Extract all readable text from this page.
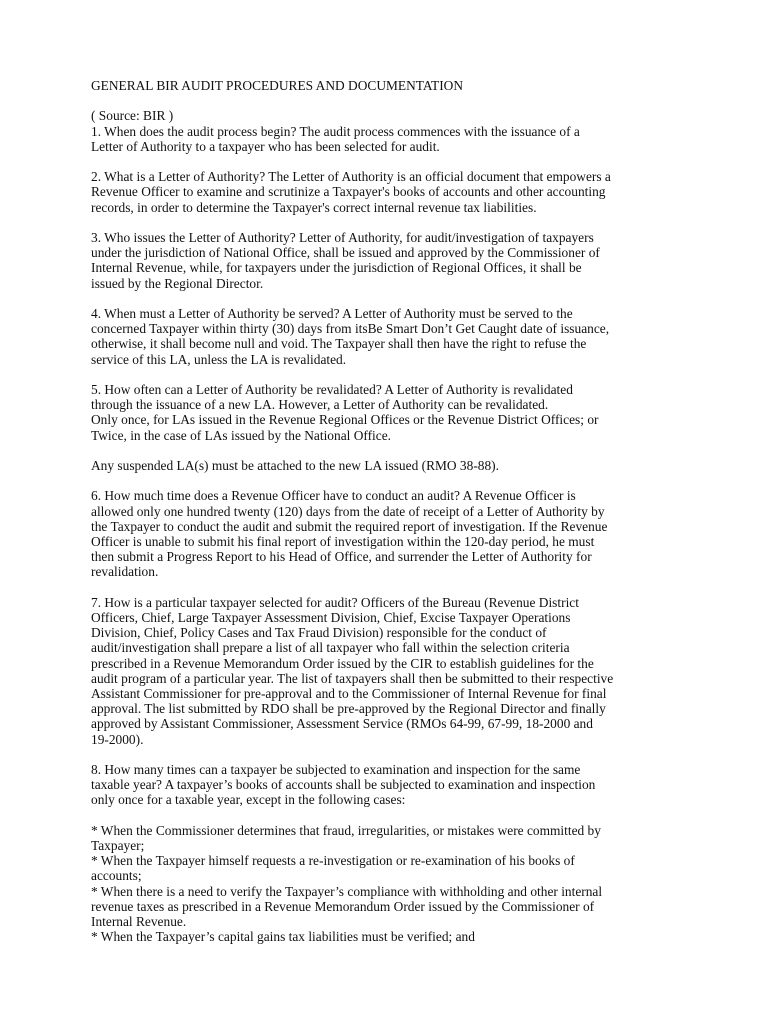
GENERAL BIR AUDIT PROCEDURES AND DOCUMENTATION
( Source: BIR )
1. When does the audit process begin? The audit process commences with the issuance of a
Letter of Authority to a taxpayer who has been selected for audit.
2. What is a Letter of Authority? The Letter of Authority is an official document that empowers a
Revenue Officer to examine and scrutinize a Taxpayer's books of accounts and other accounting
records, in order to determine the Taxpayer's correct internal revenue tax liabilities.
3. Who issues the Letter of Authority? Letter of Authority, for audit/investigation of taxpayers
under the jurisdiction of National Office, shall be issued and approved by the Commissioner of
Internal Revenue, while, for taxpayers under the jurisdiction of Regional Offices, it shall be
issued by the Regional Director.
4. When must a Letter of Authority be served? A Letter of Authority must be served to the
concerned Taxpayer within thirty (30) days from itsBe Smart Don’t Get Caught date of issuance,
otherwise, it shall become null and void. The Taxpayer shall then have the right to refuse the
service of this LA, unless the LA is revalidated.
5. How often can a Letter of Authority be revalidated? A Letter of Authority is revalidated
through the issuance of a new LA. However, a Letter of Authority can be revalidated.
Only once, for LAs issued in the Revenue Regional Offices or the Revenue District Offices; or
Twice, in the case of LAs issued by the National Office.
Any suspended LA(s) must be attached to the new LA issued (RMO 38-88).
6. How much time does a Revenue Officer have to conduct an audit? A Revenue Officer is
allowed only one hundred twenty (120) days from the date of receipt of a Letter of Authority by
the Taxpayer to conduct the audit and submit the required report of investigation. If the Revenue
Officer is unable to submit his final report of investigation within the 120-day period, he must
then submit a Progress Report to his Head of Office, and surrender the Letter of Authority for
revalidation.
7. How is a particular taxpayer selected for audit? Officers of the Bureau (Revenue District
Officers, Chief, Large Taxpayer Assessment Division, Chief, Excise Taxpayer Operations
Division, Chief, Policy Cases and Tax Fraud Division) responsible for the conduct of
audit/investigation shall prepare a list of all taxpayer who fall within the selection criteria
prescribed in a Revenue Memorandum Order issued by the CIR to establish guidelines for the
audit program of a particular year. The list of taxpayers shall then be submitted to their respective
Assistant Commissioner for pre-approval and to the Commissioner of Internal Revenue for final
approval. The list submitted by RDO shall be pre-approved by the Regional Director and finally
approved by Assistant Commissioner, Assessment Service (RMOs 64-99, 67-99, 18-2000 and
19-2000).
8. How many times can a taxpayer be subjected to examination and inspection for the same
taxable year? A taxpayer’s books of accounts shall be subjected to examination and inspection
only once for a taxable year, except in the following cases:
* When the Commissioner determines that fraud, irregularities, or mistakes were committed by
Taxpayer;
* When the Taxpayer himself requests a re-investigation or re-examination of his books of
accounts;
* When there is a need to verify the Taxpayer’s compliance with withholding and other internal
revenue taxes as prescribed in a Revenue Memorandum Order issued by the Commissioner of
Internal Revenue.
* When the Taxpayer’s capital gains tax liabilities must be verified; and
